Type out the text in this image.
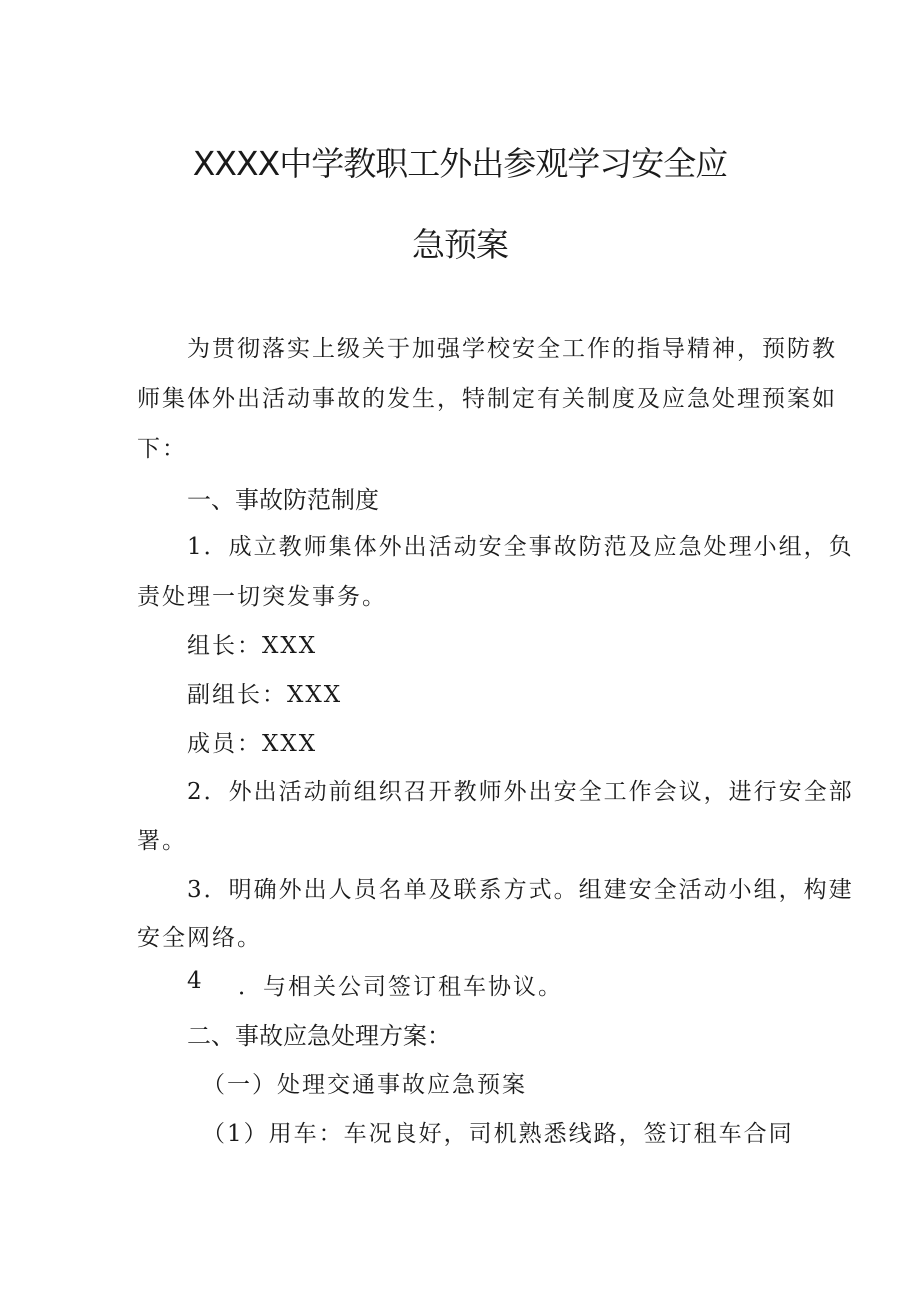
XXXX中学教职工外出参观学习安全应
急预案
为贯彻落实上级关于加强学校安全工作的指导精神，预防教
师集体外出活动事故的发生，特制定有关制度及应急处理预案如
下：
一、事故防范制度
1．成立教师集体外出活动安全事故防范及应急处理小组，负
责处理一切突发事务。
组长：XXX
副组长：XXX
成员：XXX
2．外出活动前组织召开教师外出安全工作会议，进行安全部
署。
3．明确外出人员名单及联系方式。组建安全活动小组，构建
安全网络。
4 ．与相关公司签订租车协议。
二、事故应急处理方案：
（一）处理交通事故应急预案
（1）用车：车况良好，司机熟悉线路，签订租车合同
